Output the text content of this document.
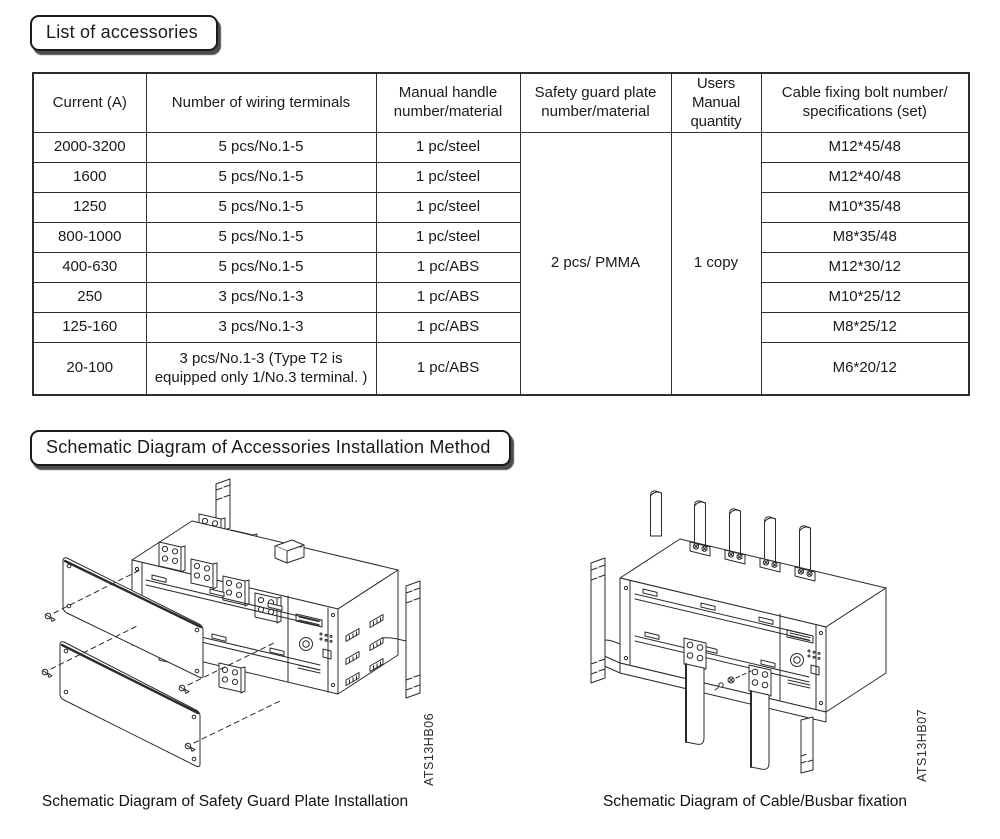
List of accessories
Current (A)	Number of wiring terminals	Manual handle number/material	Safety guard plate number/material	Users Manual quantity	Cable fixing bolt number/ specifications (set)
2000-3200	5 pcs/No.1-5	1 pc/steel	2 pcs/ PMMA	1 copy	M12*45/48
1600	5 pcs/No.1-5	1 pc/steel			M12*40/48
1250	5 pcs/No.1-5	1 pc/steel			M10*35/48
800-1000	5 pcs/No.1-5	1 pc/steel			M8*35/48
400-630	5 pcs/No.1-5	1 pc/ABS			M12*30/12
250	3 pcs/No.1-3	1 pc/ABS			M10*25/12
125-160	3 pcs/No.1-3	1 pc/ABS			M8*25/12
20-100	3 pcs/No.1-3 (Type T2 is equipped only 1/No.3 terminal. )	1 pc/ABS			M6*20/12
Schematic Diagram of Accessories Installation Method
ATS13HB06	ATS13HB07
Schematic Diagram of Safety Guard Plate Installation	Schematic Diagram of Cable/Busbar fixation
